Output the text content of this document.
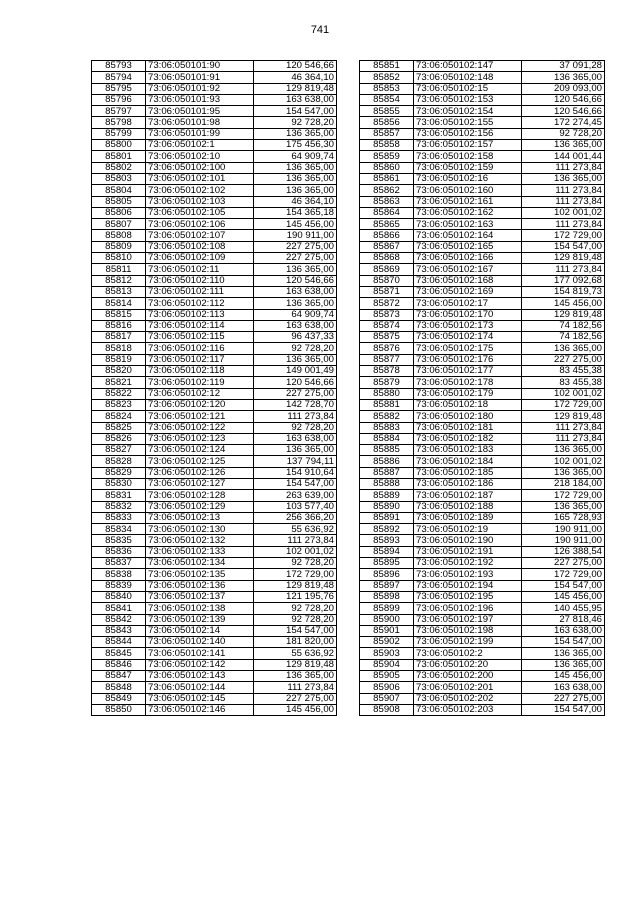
741
85793	73:06:050101:90	120 546,66
85794	73:06:050101:91	46 364,10
85795	73:06:050101:92	129 819,48
85796	73:06:050101:93	163 638,00
85797	73:06:050101:95	154 547,00
85798	73:06:050101:98	92 728,20
85799	73:06:050101:99	136 365,00
85800	73:06:050102:1	175 456,30
85801	73:06:050102:10	64 909,74
85802	73:06:050102:100	136 365,00
85803	73:06:050102:101	136 365,00
85804	73:06:050102:102	136 365,00
85805	73:06:050102:103	46 364,10
85806	73:06:050102:105	154 365,18
85807	73:06:050102:106	145 456,00
85808	73:06:050102:107	190 911,00
85809	73:06:050102:108	227 275,00
85810	73:06:050102:109	227 275,00
85811	73:06:050102:11	136 365,00
85812	73:06:050102:110	120 546,66
85813	73:06:050102:111	163 638,00
85814	73:06:050102:112	136 365,00
85815	73:06:050102:113	64 909,74
85816	73:06:050102:114	163 638,00
85817	73:06:050102:115	96 437,33
85818	73:06:050102:116	92 728,20
85819	73:06:050102:117	136 365,00
85820	73:06:050102:118	149 001,49
85821	73:06:050102:119	120 546,66
85822	73:06:050102:12	227 275,00
85823	73:06:050102:120	142 728,70
85824	73:06:050102:121	111 273,84
85825	73:06:050102:122	92 728,20
85826	73:06:050102:123	163 638,00
85827	73:06:050102:124	136 365,00
85828	73:06:050102:125	137 794,11
85829	73:06:050102:126	154 910,64
85830	73:06:050102:127	154 547,00
85831	73:06:050102:128	263 639,00
85832	73:06:050102:129	103 577,40
85833	73:06:050102:13	256 366,20
85834	73:06:050102:130	55 636,92
85835	73:06:050102:132	111 273,84
85836	73:06:050102:133	102 001,02
85837	73:06:050102:134	92 728,20
85838	73:06:050102:135	172 729,00
85839	73:06:050102:136	129 819,48
85840	73:06:050102:137	121 195,76
85841	73:06:050102:138	92 728,20
85842	73:06:050102:139	92 728,20
85843	73:06:050102:14	154 547,00
85844	73:06:050102:140	181 820,00
85845	73:06:050102:141	55 636,92
85846	73:06:050102:142	129 819,48
85847	73:06:050102:143	136 365,00
85848	73:06:050102:144	111 273,84
85849	73:06:050102:145	227 275,00
85850	73:06:050102:146	145 456,00
85851	73:06:050102:147	37 091,28
85852	73:06:050102:148	136 365,00
85853	73:06:050102:15	209 093,00
85854	73:06:050102:153	120 546,66
85855	73:06:050102:154	120 546,66
85856	73:06:050102:155	172 274,45
85857	73:06:050102:156	92 728,20
85858	73:06:050102:157	136 365,00
85859	73:06:050102:158	144 001,44
85860	73:06:050102:159	111 273,84
85861	73:06:050102:16	136 365,00
85862	73:06:050102:160	111 273,84
85863	73:06:050102:161	111 273,84
85864	73:06:050102:162	102 001,02
85865	73:06:050102:163	111 273,84
85866	73:06:050102:164	172 729,00
85867	73:06:050102:165	154 547,00
85868	73:06:050102:166	129 819,48
85869	73:06:050102:167	111 273,84
85870	73:06:050102:168	177 092,68
85871	73:06:050102:169	154 819,73
85872	73:06:050102:17	145 456,00
85873	73:06:050102:170	129 819,48
85874	73:06:050102:173	74 182,56
85875	73:06:050102:174	74 182,56
85876	73:06:050102:175	136 365,00
85877	73:06:050102:176	227 275,00
85878	73:06:050102:177	83 455,38
85879	73:06:050102:178	83 455,38
85880	73:06:050102:179	102 001,02
85881	73:06:050102:18	172 729,00
85882	73:06:050102:180	129 819,48
85883	73:06:050102:181	111 273,84
85884	73:06:050102:182	111 273,84
85885	73:06:050102:183	136 365,00
85886	73:06:050102:184	102 001,02
85887	73:06:050102:185	136 365,00
85888	73:06:050102:186	218 184,00
85889	73:06:050102:187	172 729,00
85890	73:06:050102:188	136 365,00
85891	73:06:050102:189	165 728,93
85892	73:06:050102:19	190 911,00
85893	73:06:050102:190	190 911,00
85894	73:06:050102:191	126 388,54
85895	73:06:050102:192	227 275,00
85896	73:06:050102:193	172 729,00
85897	73:06:050102:194	154 547,00
85898	73:06:050102:195	145 456,00
85899	73:06:050102:196	140 455,95
85900	73:06:050102:197	27 818,46
85901	73:06:050102:198	163 638,00
85902	73:06:050102:199	154 547,00
85903	73:06:050102:2	136 365,00
85904	73:06:050102:20	136 365,00
85905	73:06:050102:200	145 456,00
85906	73:06:050102:201	163 638,00
85907	73:06:050102:202	227 275,00
85908	73:06:050102:203	154 547,00
